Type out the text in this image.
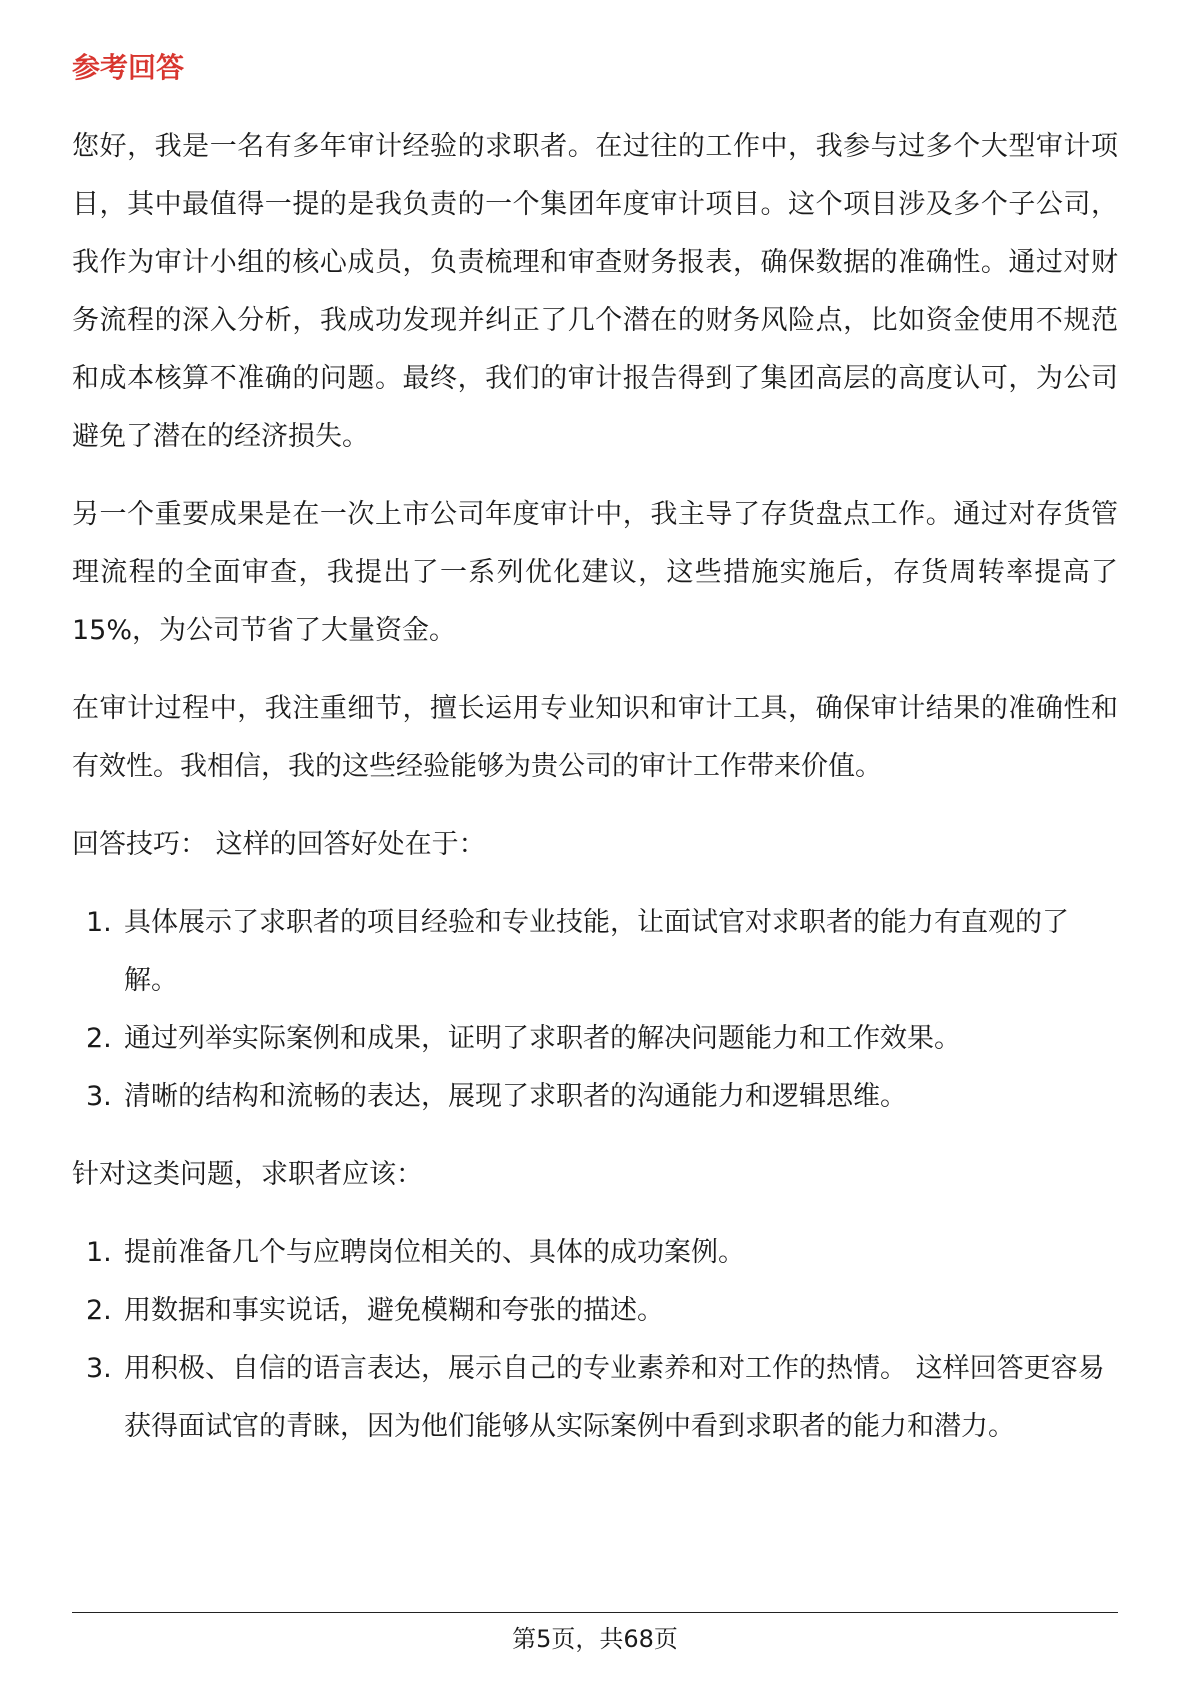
参考回答

您好，我是一名有多年审计经验的求职者。在过往的工作中，我参与过多个大型审计项目，其中最值得一提的是我负责的一个集团年度审计项目。这个项目涉及多个子公司，我作为审计小组的核心成员，负责梳理和审查财务报表，确保数据的准确性。通过对财务流程的深入分析，我成功发现并纠正了几个潜在的财务风险点，比如资金使用不规范和成本核算不准确的问题。最终，我们的审计报告得到了集团高层的高度认可，为公司避免了潜在的经济损失。

另一个重要成果是在一次上市公司年度审计中，我主导了存货盘点工作。通过对存货管理流程的全面审查，我提出了一系列优化建议，这些措施实施后，存货周转率提高了15%，为公司节省了大量资金。

在审计过程中，我注重细节，擅长运用专业知识和审计工具，确保审计结果的准确性和有效性。我相信，我的这些经验能够为贵公司的审计工作带来价值。

回答技巧： 这样的回答好处在于：

1. 具体展示了求职者的项目经验和专业技能，让面试官对求职者的能力有直观的了解。
2. 通过列举实际案例和成果，证明了求职者的解决问题能力和工作效果。
3. 清晰的结构和流畅的表达，展现了求职者的沟通能力和逻辑思维。

针对这类问题，求职者应该：

1. 提前准备几个与应聘岗位相关的、具体的成功案例。
2. 用数据和事实说话，避免模糊和夸张的描述。
3. 用积极、自信的语言表达，展示自己的专业素养和对工作的热情。 这样回答更容易获得面试官的青睐，因为他们能够从实际案例中看到求职者的能力和潜力。
第5页，共68页
